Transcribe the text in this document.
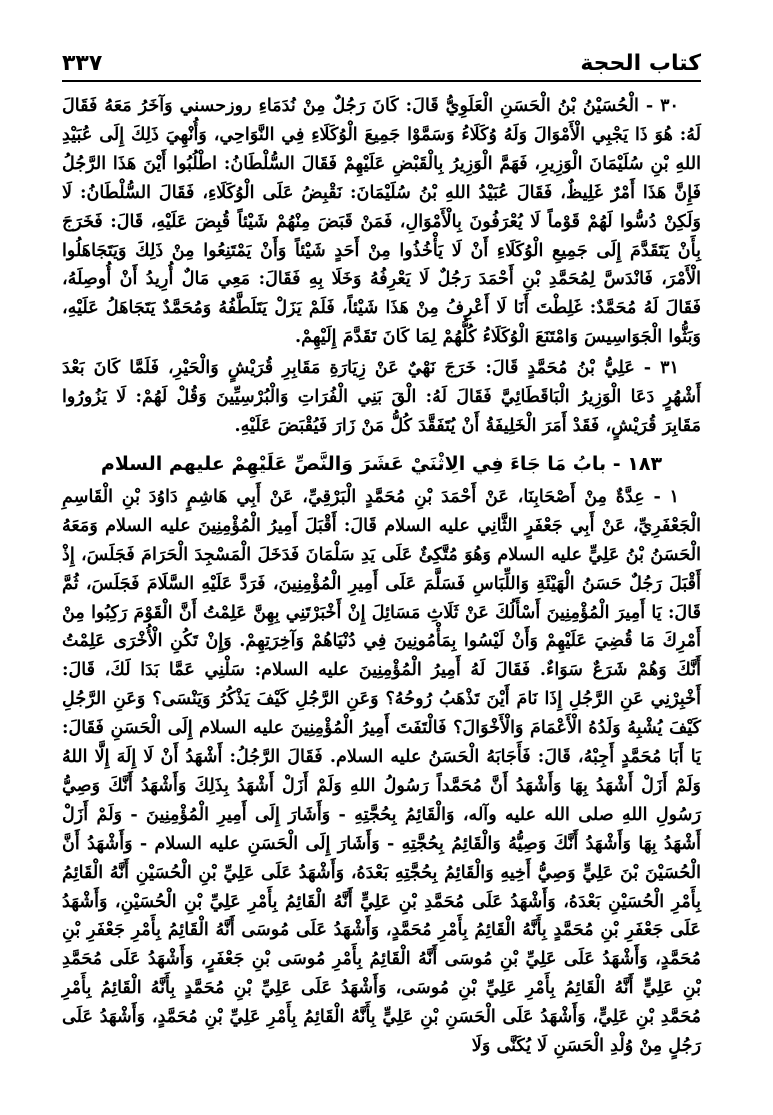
كتاب الحجة
٣٣٧

٣٠ - الْحُسَيْنُ بْنُ الْحَسَنِ الْعَلَوِيُّ قَالَ: كَانَ رَجُلٌ مِنْ نُدَمَاءِ روزحسني وَآخَرُ مَعَهُ فَقَالَ لَهُ: هُوَ ذَا يَجْبِي الْأَمْوَالَ وَلَهُ وُكَلَاءُ وَسَمَّوْا جَمِيعَ الْوُكَلَاءِ فِي النَّوَاحِي، وَأُنْهِيَ ذَلِكَ إِلَى عُبَيْدِ اللهِ بْنِ سُلَيْمَانَ الْوَزِيرِ، فَهَمَّ الْوَزِيرُ بِالْقَبْضِ عَلَيْهِمْ فَقَالَ السُّلْطَانُ: اطْلُبُوا أَيْنَ هَذَا الرَّجُلُ فَإِنَّ هَذَا أَمْرٌ غَلِيظٌ، فَقَالَ عُبَيْدُ اللهِ بْنُ سُلَيْمَانَ: نَقْبِضُ عَلَى الْوُكَلَاءِ، فَقَالَ السُّلْطَانُ: لَا وَلَكِنْ دُسُّوا لَهُمْ قَوْماً لَا يُعْرَفُونَ بِالْأَمْوَالِ، فَمَنْ قَبَضَ مِنْهُمْ شَيْئاً قُبِضَ عَلَيْهِ، قَالَ: فَخَرَجَ بِأَنْ يَتَقَدَّمَ إِلَى جَمِيعِ الْوُكَلَاءِ أَنْ لَا يَأْخُذُوا مِنْ أَحَدٍ شَيْئاً وَأَنْ يَمْتَنِعُوا مِنْ ذَلِكَ وَيَتَجَاهَلُوا الْأَمْرَ، فَانْدَسَّ لِمُحَمَّدِ بْنِ أَحْمَدَ رَجُلٌ لَا يَعْرِفُهُ وَخَلَا بِهِ فَقَالَ: مَعِي مَالٌ أُرِيدُ أَنْ أُوصِلَهُ، فَقَالَ لَهُ مُحَمَّدٌ: غَلِطْتَ أَنَا لَا أَعْرِفُ مِنْ هَذَا شَيْئاً، فَلَمْ يَزَلْ يَتَلَطَّفُهُ وَمُحَمَّدٌ يَتَجَاهَلُ عَلَيْهِ، وَبَثُّوا الْجَوَاسِيسَ وَامْتَنَعَ الْوُكَلَاءُ كُلُّهُمْ لِمَا كَانَ تَقَدَّمَ إِلَيْهِمْ.

٣١ - عَلِيُّ بْنُ مُحَمَّدٍ قَالَ: خَرَجَ نَهْيٌ عَنْ زِيَارَةِ مَقَابِرِ قُرَيْشٍ وَالْحَيْرِ، فَلَمَّا كَانَ بَعْدَ أَشْهُرٍ دَعَا الْوَزِيرُ الْبَاقَطَائِيَّ فَقَالَ لَهُ: الْقَ بَنِي الْفُرَاتِ وَالْبُرْسِيِّينَ وَقُلْ لَهُمْ: لَا يَزُورُوا مَقَابِرَ قُرَيْشٍ، فَقَدْ أَمَرَ الْخَلِيفَةُ أَنْ يُتَفَقَّدَ كُلُّ مَنْ زَارَ فَيُقْبَضَ عَلَيْهِ.

١٨٣ - بابُ مَا جَاءَ فِي الِاثْنَيْ عَشَرَ وَالنَّصِّ عَلَيْهِمْ عليهم السلام

١ - عِدَّةٌ مِنْ أَصْحَابِنَا، عَنْ أَحْمَدَ بْنِ مُحَمَّدٍ الْبَرْقِيِّ، عَنْ أَبِي هَاشِمٍ دَاوُدَ بْنِ الْقَاسِمِ الْجَعْفَرِيِّ، عَنْ أَبِي جَعْفَرٍ الثَّانِي عليه السلام قَالَ: أَقْبَلَ أَمِيرُ الْمُؤْمِنِينَ عليه السلام وَمَعَهُ الْحَسَنُ بْنُ عَلِيٍّ عليه السلام وَهُوَ مُتَّكِئٌ عَلَى يَدِ سَلْمَانَ فَدَخَلَ الْمَسْجِدَ الْحَرَامَ فَجَلَسَ، إِذْ أَقْبَلَ رَجُلٌ حَسَنُ الْهَيْئَةِ وَاللِّبَاسِ فَسَلَّمَ عَلَى أَمِيرِ الْمُؤْمِنِينَ، فَرَدَّ عَلَيْهِ السَّلَامَ فَجَلَسَ، ثُمَّ قَالَ: يَا أَمِيرَ الْمُؤْمِنِينَ أَسْأَلُكَ عَنْ ثَلَاثِ مَسَائِلَ إِنْ أَخْبَرْتَنِي بِهِنَّ عَلِمْتُ أَنَّ الْقَوْمَ رَكِبُوا مِنْ أَمْرِكَ مَا قُضِيَ عَلَيْهِمْ وَأَنْ لَيْسُوا بِمَأْمُونِينَ فِي دُنْيَاهُمْ وَآخِرَتِهِمْ. وَإِنْ تَكُنِ الْأُخْرَى عَلِمْتُ أَنَّكَ وَهُمْ شَرَعٌ سَوَاءٌ. فَقَالَ لَهُ أَمِيرُ الْمُؤْمِنِينَ عليه السلام: سَلْنِي عَمَّا بَدَا لَكَ، قَالَ: أَخْبِرْنِي عَنِ الرَّجُلِ إِذَا نَامَ أَيْنَ تَذْهَبُ رُوحُهُ؟ وَعَنِ الرَّجُلِ كَيْفَ يَذْكُرُ وَيَنْسَى؟ وَعَنِ الرَّجُلِ كَيْفَ يُشْبِهُ وَلَدُهُ الْأَعْمَامَ وَالْأَخْوَالَ؟ فَالْتَفَتَ أَمِيرُ الْمُؤْمِنِينَ عليه السلام إِلَى الْحَسَنِ فَقَالَ: يَا أَبَا مُحَمَّدٍ أَجِبْهُ، قَالَ: فَأَجَابَهُ الْحَسَنُ عليه السلام. فَقَالَ الرَّجُلُ: أَشْهَدُ أَنْ لَا إِلَهَ إِلَّا اللهُ وَلَمْ أَزَلْ أَشْهَدُ بِهَا وَأَشْهَدُ أَنَّ مُحَمَّداً رَسُولُ اللهِ وَلَمْ أَزَلْ أَشْهَدُ بِذَلِكَ وَأَشْهَدُ أَنَّكَ وَصِيُّ رَسُولِ اللهِ صلى الله عليه وآله، وَالْقَائِمُ بِحُجَّتِهِ - وَأَشَارَ إِلَى أَمِيرِ الْمُؤْمِنِينَ - وَلَمْ أَزَلْ أَشْهَدُ بِهَا وَأَشْهَدُ أَنَّكَ وَصِيُّهُ وَالْقَائِمُ بِحُجَّتِهِ - وَأَشَارَ إِلَى الْحَسَنِ عليه السلام - وَأَشْهَدُ أَنَّ الْحُسَيْنَ بْنَ عَلِيٍّ وَصِيُّ أَخِيهِ وَالْقَائِمُ بِحُجَّتِهِ بَعْدَهُ، وَأَشْهَدُ عَلَى عَلِيِّ بْنِ الْحُسَيْنِ أَنَّهُ الْقَائِمُ بِأَمْرِ الْحُسَيْنِ بَعْدَهُ، وَأَشْهَدُ عَلَى مُحَمَّدِ بْنِ عَلِيٍّ أَنَّهُ الْقَائِمُ بِأَمْرِ عَلِيِّ بْنِ الْحُسَيْنِ، وَأَشْهَدُ عَلَى جَعْفَرِ بْنِ مُحَمَّدٍ بِأَنَّهُ الْقَائِمُ بِأَمْرِ مُحَمَّدٍ، وَأَشْهَدُ عَلَى مُوسَى أَنَّهُ الْقَائِمُ بِأَمْرِ جَعْفَرِ بْنِ مُحَمَّدٍ، وَأَشْهَدُ عَلَى عَلِيِّ بْنِ مُوسَى أَنَّهُ الْقَائِمُ بِأَمْرِ مُوسَى بْنِ جَعْفَرٍ، وَأَشْهَدُ عَلَى مُحَمَّدِ بْنِ عَلِيٍّ أَنَّهُ الْقَائِمُ بِأَمْرِ عَلِيِّ بْنِ مُوسَى، وَأَشْهَدُ عَلَى عَلِيِّ بْنِ مُحَمَّدٍ بِأَنَّهُ الْقَائِمُ بِأَمْرِ مُحَمَّدِ بْنِ عَلِيٍّ، وَأَشْهَدُ عَلَى الْحَسَنِ بْنِ عَلِيٍّ بِأَنَّهُ الْقَائِمُ بِأَمْرِ عَلِيِّ بْنِ مُحَمَّدٍ، وَأَشْهَدُ عَلَى رَجُلٍ مِنْ وُلْدِ الْحَسَنِ لَا يُكَنَّى وَلَا
